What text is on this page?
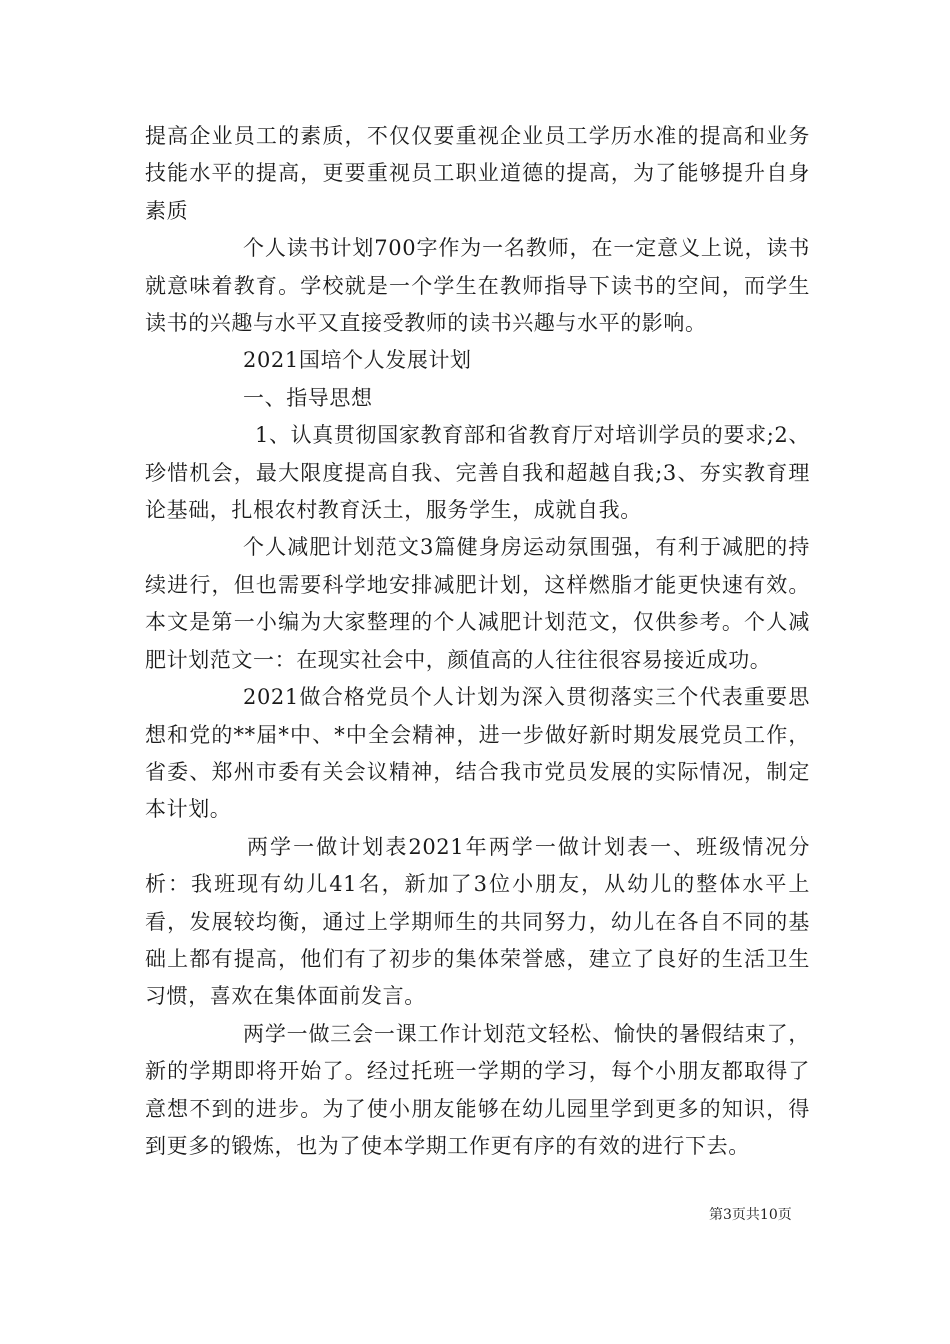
提高企业员工的素质，不仅仅要重视企业员工学历水准的提高和业务技能水平的提高，更要重视员工职业道德的提高，为了能够提升自身素质

个人读书计划700字作为一名教师，在一定意义上说，读书就意味着教育。学校就是一个学生在教师指导下读书的空间，而学生读书的兴趣与水平又直接受教师的读书兴趣与水平的影响。

2021国培个人发展计划

一、指导思想

1、认真贯彻国家教育部和省教育厅对培训学员的要求;2、珍惜机会，最大限度提高自我、完善自我和超越自我;3、夯实教育理论基础，扎根农村教育沃土，服务学生，成就自我。

个人减肥计划范文3篇健身房运动氛围强，有利于减肥的持续进行，但也需要科学地安排减肥计划，这样燃脂才能更快速有效。本文是第一小编为大家整理的个人减肥计划范文，仅供参考。个人减肥计划范文一：在现实社会中，颜值高的人往往很容易接近成功。

2021做合格党员个人计划为深入贯彻落实三个代表重要思想和党的**届*中、*中全会精神，进一步做好新时期发展党员工作，省委、郑州市委有关会议精神，结合我市党员发展的实际情况，制定本计划。

两学一做计划表2021年两学一做计划表一、班级情况分析：我班现有幼儿41名，新加了3位小朋友，从幼儿的整体水平上看，发展较均衡，通过上学期师生的共同努力，幼儿在各自不同的基础上都有提高，他们有了初步的集体荣誉感，建立了良好的生活卫生习惯，喜欢在集体面前发言。

两学一做三会一课工作计划范文轻松、愉快的暑假结束了，新的学期即将开始了。经过托班一学期的学习，每个小朋友都取得了意想不到的进步。为了使小朋友能够在幼儿园里学到更多的知识，得到更多的锻炼，也为了使本学期工作更有序的有效的进行下去。

第3页共10页
